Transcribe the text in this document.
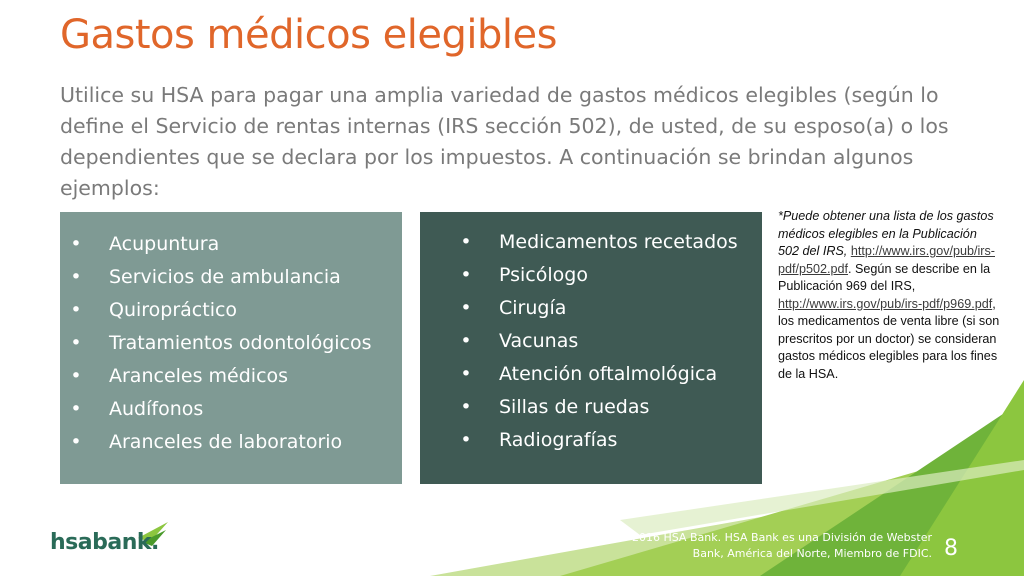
Gastos médicos elegibles
Utilice su HSA para pagar una amplia variedad de gastos médicos elegibles (según lo define el Servicio de rentas internas (IRS sección 502), de usted, de su esposo(a) o los dependientes que se declara por los impuestos. A continuación se brindan algunos ejemplos:
• Acupuntura
• Servicios de ambulancia
• Quiropráctico
• Tratamientos odontológicos
• Aranceles médicos
• Audífonos
• Aranceles de laboratorio
• Medicamentos recetados
• Psicólogo
• Cirugía
• Vacunas
• Atención oftalmológica
• Sillas de ruedas
• Radiografías
*Puede obtener una lista de los gastos médicos elegibles en la Publicación 502 del IRS, http://www.irs.gov/pub/irs-pdf/p502.pdf. Según se describe en la Publicación 969 del IRS, http://www.irs.gov/pub/irs-pdf/p969.pdf, los medicamentos de venta libre (si son prescritos por un doctor) se consideran gastos médicos elegibles para los fines de la HSA.
hsabank.	© 2016 HSA Bank. HSA Bank es una División de Webster Bank, América del Norte, Miembro de FDIC. 8
